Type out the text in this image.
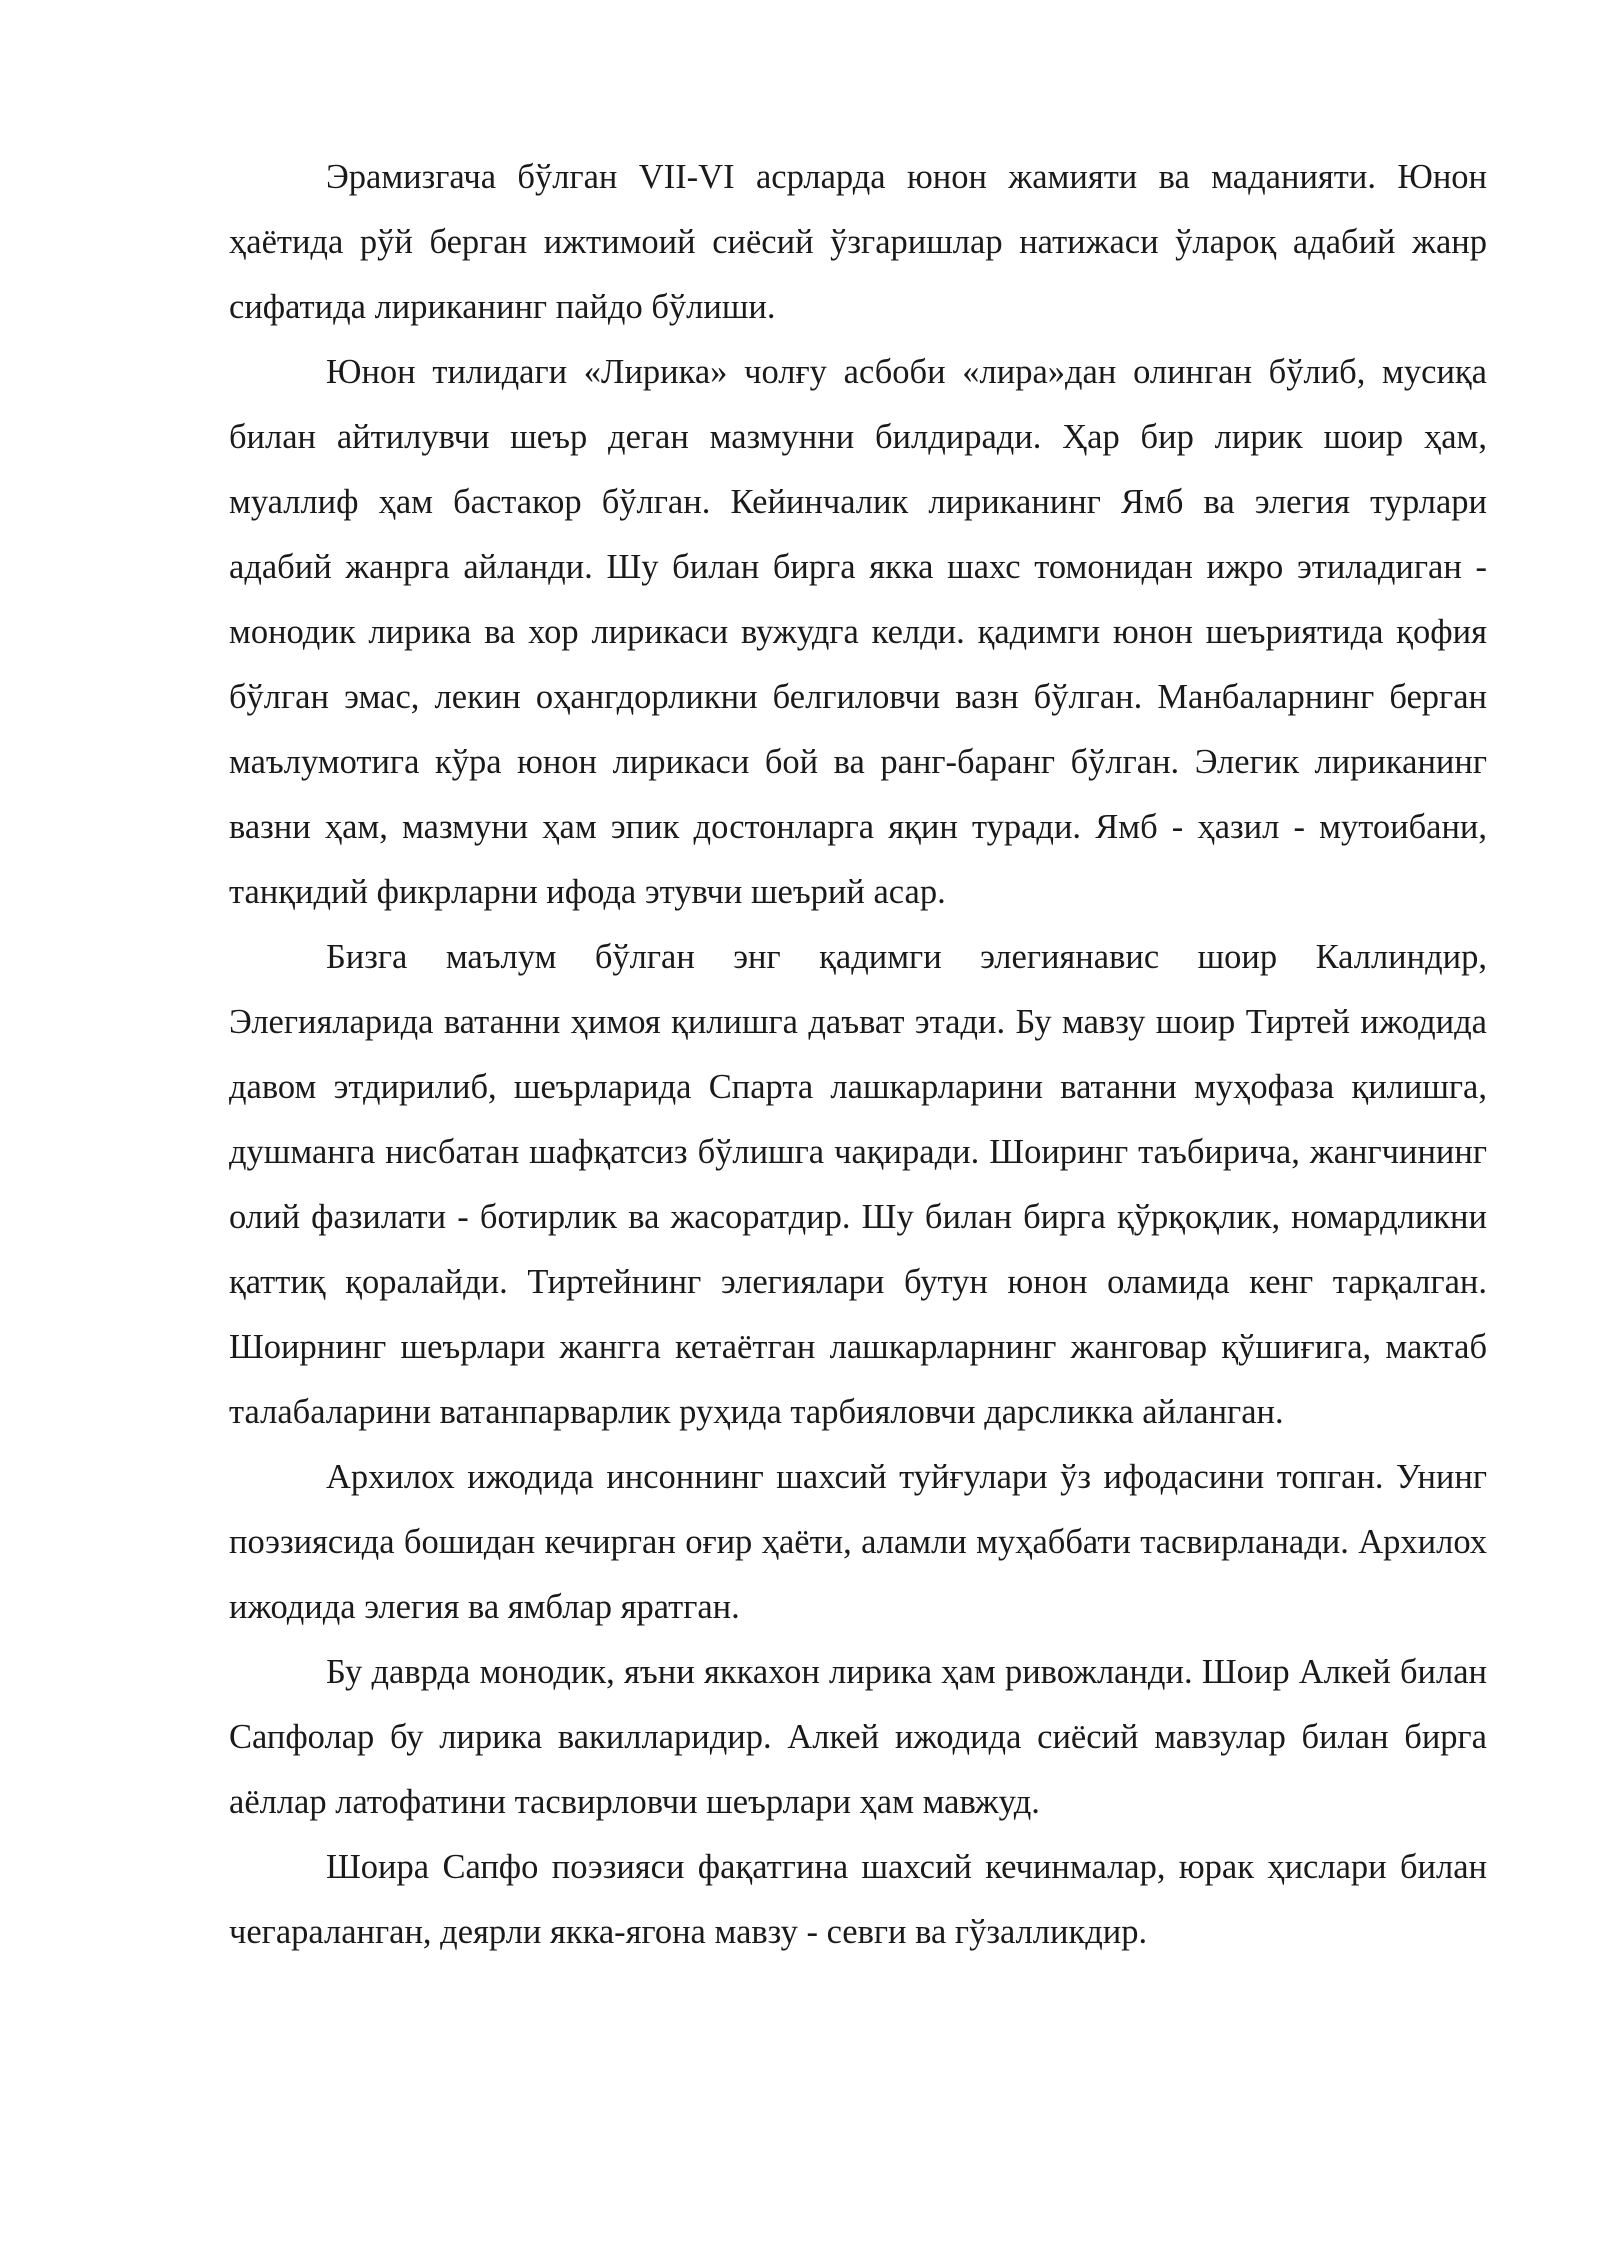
Эрамизгача бўлган VII-VI асрларда юнон жамияти ва маданияти. Юнон ҳаётида рўй берган ижтимоий сиёсий ўзгаришлар натижаси ўлароқ адабий жанр сифатида лириканинг пайдо бўлиши.

Юнон тилидаги «Лирика» чолғу асбоби «лира»дан олинган бўлиб, мусиқа билан айтилувчи шеър деган мазмунни билдиради. Ҳар бир лирик шоир ҳам, муаллиф ҳам бастакор бўлган. Кейинчалик лириканинг Ямб ва элегия турлари адабий жанрга айланди. Шу билан бирга якка шахс томонидан ижро этиладиган - монодик лирика ва хор лирикаси вужудга келди. қадимги юнон шеъриятида қофия бўлган эмас, лекин оҳангдорликни белгиловчи вазн бўлган. Манбаларнинг берган маълумотига кўра юнон лирикаси бой ва ранг-баранг бўлган. Элегик лириканинг вазни ҳам, мазмуни ҳам эпик достонларга яқин туради. Ямб - ҳазил - мутоибани, танқидий фикрларни ифода этувчи шеърий асар.

Бизга маълум бўлган энг қадимги элегиянавис шоир Каллиндир, Элегияларида ватанни ҳимоя қилишга даъват этади. Бу мавзу шоир Тиртей ижодида давом этдирилиб, шеърларида Спарта лашкарларини ватанни муҳофаза қилишга, душманга нисбатан шафқатсиз бўлишга чақиради. Шоиринг таъбирича, жангчининг олий фазилати - ботирлик ва жасоратдир. Шу билан бирга қўрқоқлик, номардликни қаттиқ қоралайди. Тиртейнинг элегиялари бутун юнон оламида кенг тарқалган. Шоирнинг шеърлари жангга кетаётган лашкарларнинг жанговар қўшиғига, мактаб талабаларини ватанпарварлик руҳида тарбияловчи дарсликка айланган.

Архилох ижодида инсоннинг шахсий туйғулари ўз ифодасини топган. Унинг поэзиясида бошидан кечирган оғир ҳаёти, аламли муҳаббати тасвирланади. Архилох ижодида элегия ва ямблар яратган.

Бу даврда монодик, яъни яккахон лирика ҳам ривожланди. Шоир Алкей билан Сапфолар бу лирика вакилларидир. Алкей ижодида сиёсий мавзулар билан бирга аёллар латофатини тасвирловчи шеърлари ҳам мавжуд.

Шоира Сапфо поэзияси фақатгина шахсий кечинмалар, юрак ҳислари билан чегараланган, деярли якка-ягона мавзу - севги ва гўзалликдир.
